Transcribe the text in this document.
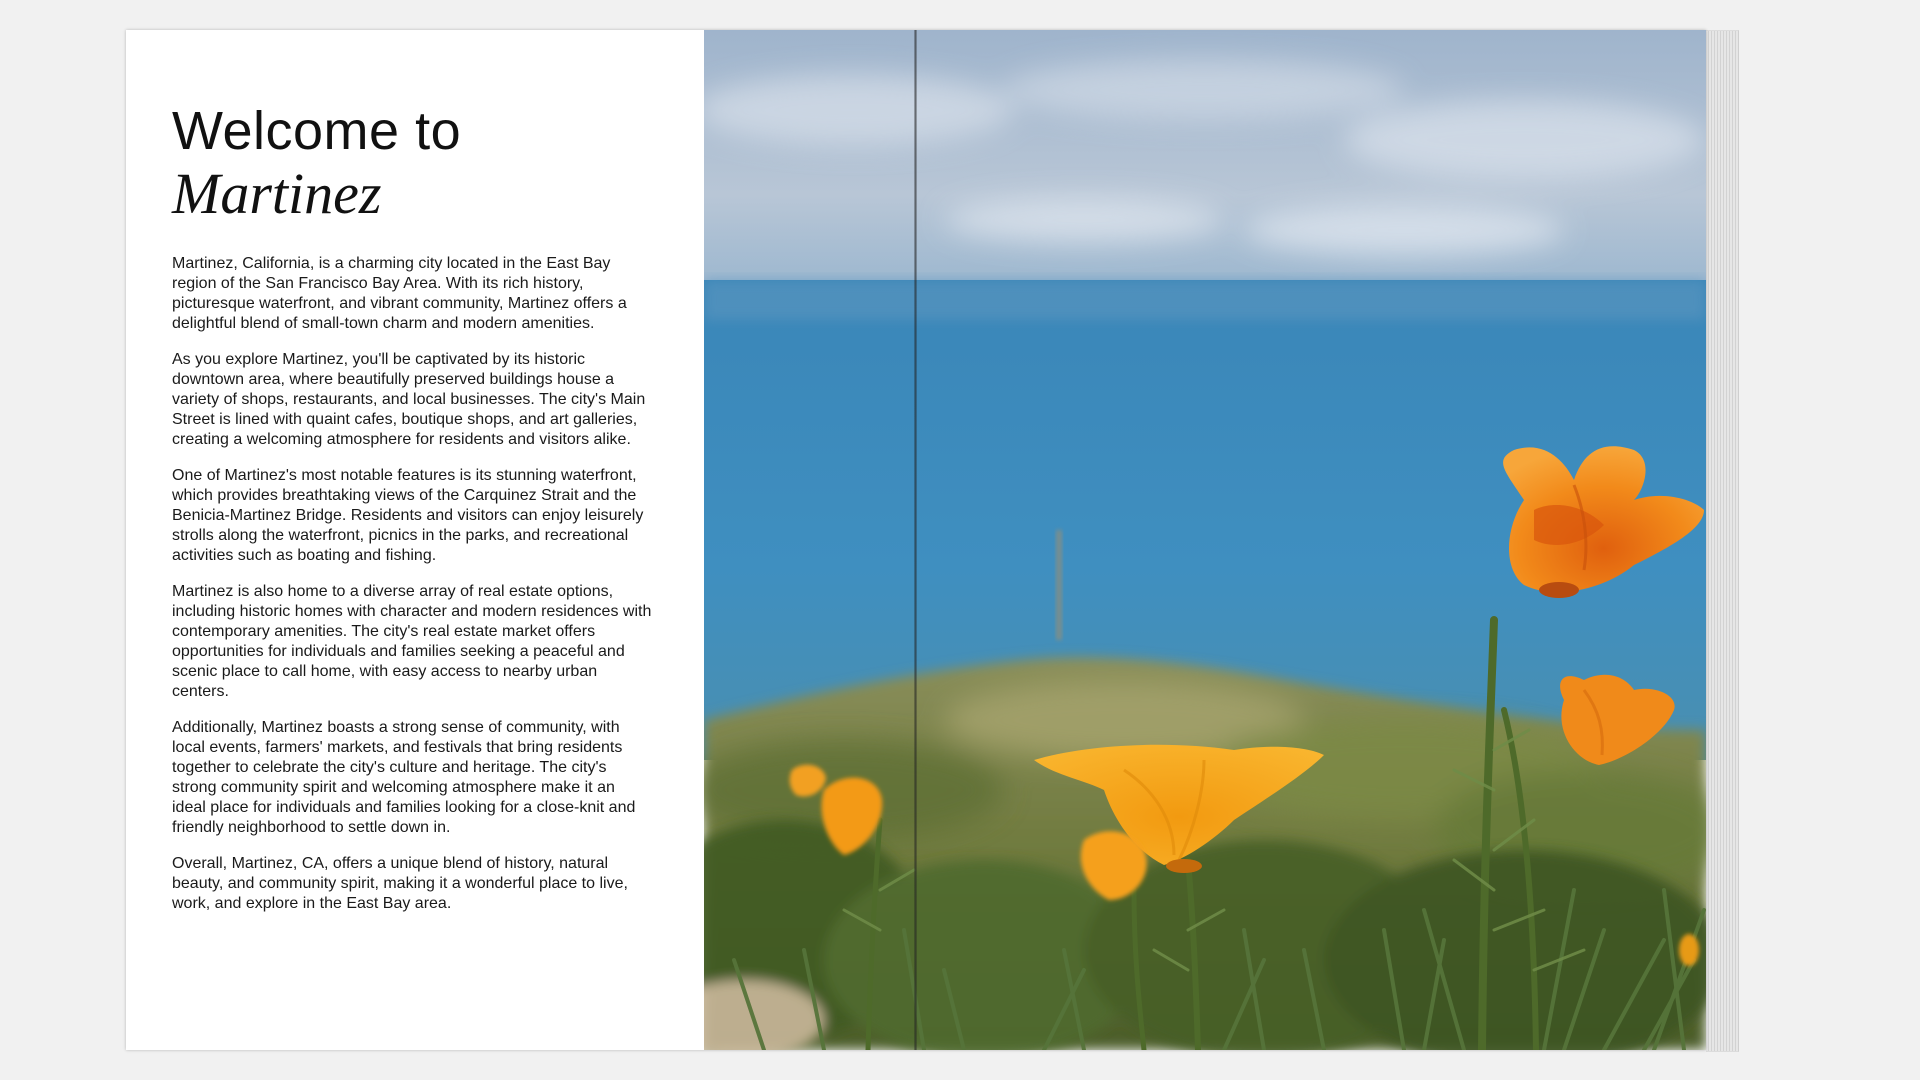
Welcome to
Martinez

Martinez, California, is a charming city located in the East Bay region of the San Francisco Bay Area. With its rich history, picturesque waterfront, and vibrant community, Martinez offers a delightful blend of small-town charm and modern amenities.

As you explore Martinez, you'll be captivated by its historic downtown area, where beautifully preserved buildings house a variety of shops, restaurants, and local businesses. The city's Main Street is lined with quaint cafes, boutique shops, and art galleries, creating a welcoming atmosphere for residents and visitors alike.

One of Martinez's most notable features is its stunning waterfront, which provides breathtaking views of the Carquinez Strait and the Benicia-Martinez Bridge. Residents and visitors can enjoy leisurely strolls along the waterfront, picnics in the parks, and recreational activities such as boating and fishing.

Martinez is also home to a diverse array of real estate options, including historic homes with character and modern residences with contemporary amenities. The city's real estate market offers opportunities for individuals and families seeking a peaceful and scenic place to call home, with easy access to nearby urban centers.

Additionally, Martinez boasts a strong sense of community, with local events, farmers' markets, and festivals that bring residents together to celebrate the city's culture and heritage. The city's strong community spirit and welcoming atmosphere make it an ideal place for individuals and families looking for a close-knit and friendly neighborhood to settle down in.

Overall, Martinez, CA, offers a unique blend of history, natural beauty, and community spirit, making it a wonderful place to live, work, and explore in the East Bay area.
